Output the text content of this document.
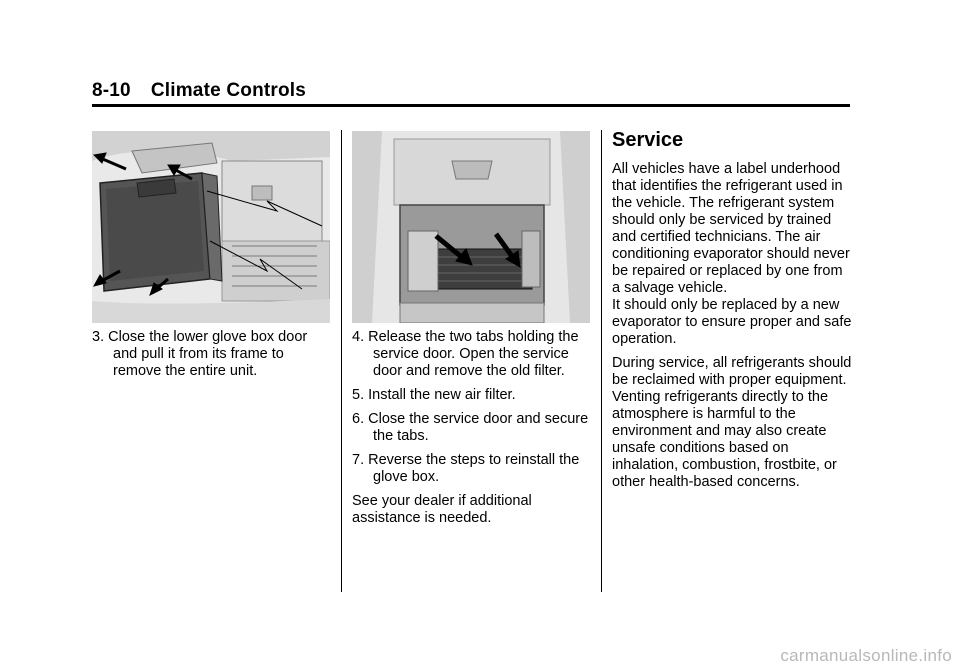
8-10 Climate Controls

3. Close the lower glove box door and pull it from its frame to remove the entire unit.

4. Release the two tabs holding the service door. Open the service door and remove the old filter.

5. Install the new air filter.

6. Close the service door and secure the tabs.

7. Reverse the steps to reinstall the glove box.

See your dealer if additional assistance is needed.

Service

All vehicles have a label underhood that identifies the refrigerant used in the vehicle. The refrigerant system should only be serviced by trained and certified technicians. The air conditioning evaporator should never be repaired or replaced by one from a salvage vehicle.

It should only be replaced by a new evaporator to ensure proper and safe operation.

During service, all refrigerants should be reclaimed with proper equipment. Venting refrigerants directly to the atmosphere is harmful to the environment and may also create unsafe conditions based on inhalation, combustion, frostbite, or other health-based concerns.

carmanualsonline.info
